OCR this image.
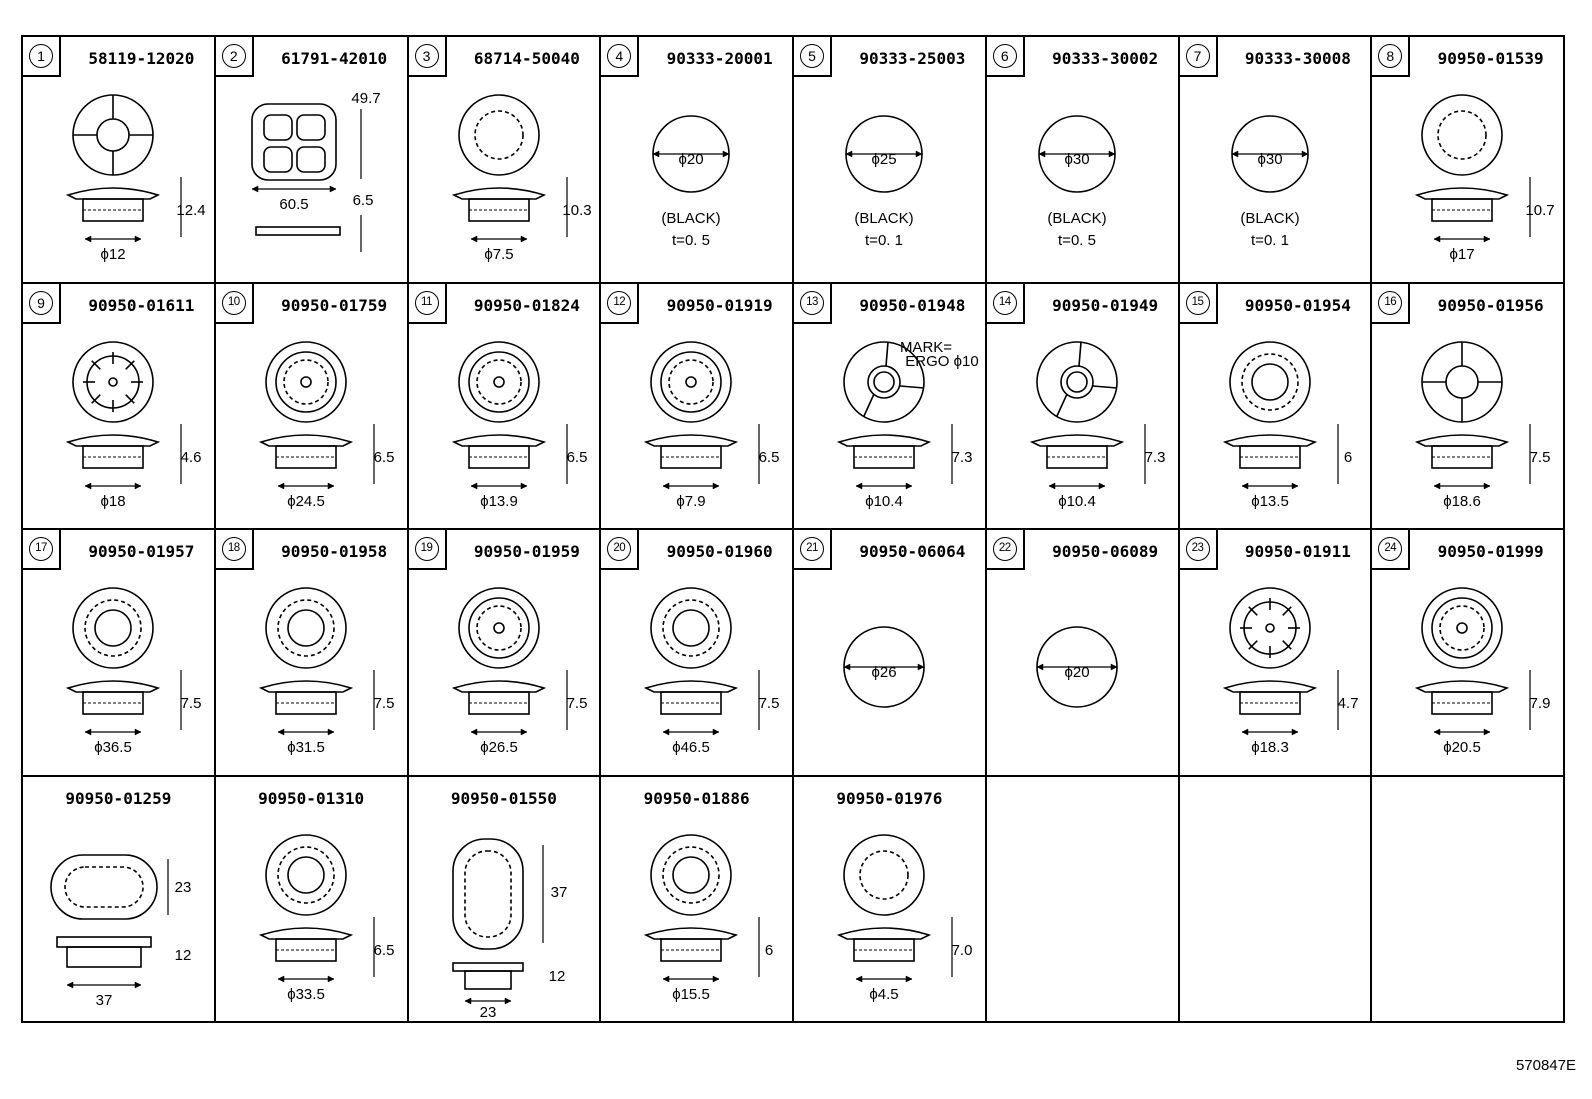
1	58119-12020
12.4
ϕ12
2	61791-42010
49.7
60.5	6.5
3	68714-50040
10.3
ϕ7.5
4	90333-20001
ϕ20
(BLACK)
t=0. 5
5	90333-25003
ϕ25
(BLACK)
t=0. 1
6	90333-30002
ϕ30
(BLACK)
t=0. 5
7	90333-30008
ϕ30
(BLACK)
t=0. 1
8	90950-01539
10.7
ϕ17
9	90950-01611
4.6
ϕ18
10	90950-01759
6.5
ϕ24.5
11	90950-01824
6.5
ϕ13.9
12	90950-01919
6.5
ϕ7.9
13	90950-01948
MARK=
ERGO ϕ10
7.3
ϕ10.4
14	90950-01949
7.3
ϕ10.4
15	90950-01954
6
ϕ13.5
16	90950-01956
7.5
ϕ18.6
17	90950-01957
7.5
ϕ36.5
18	90950-01958
7.5
ϕ31.5
19	90950-01959
7.5
ϕ26.5
20	90950-01960
7.5
ϕ46.5
21	90950-06064
ϕ26
22	90950-06089
ϕ20
23	90950-01911
4.7
ϕ18.3
24	90950-01999
7.9
ϕ20.5
90950-01259
23
12
37
90950-01310
6.5
ϕ33.5
90950-01550
37
12
23
90950-01886
6
ϕ15.5
90950-01976
7.0
ϕ4.5
570847E
